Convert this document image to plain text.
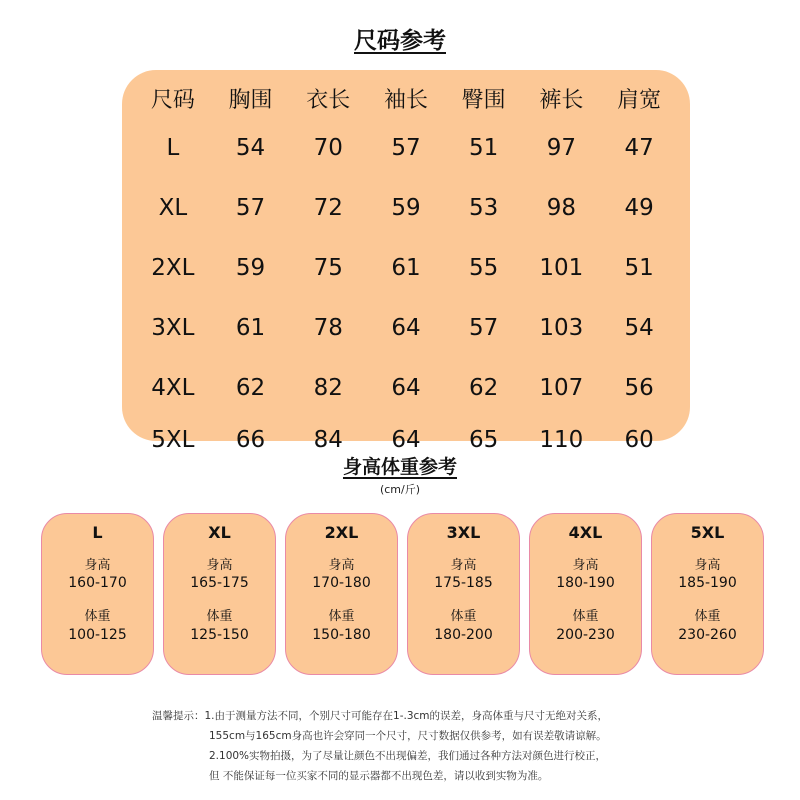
尺码参考
尺码	胸围	衣长	袖长	臀围	裤长	肩宽
L	54	70	57	51	97	47
XL	57	72	59	53	98	49
2XL	59	75	61	55	101	51
3XL	61	78	64	57	103	54
4XL	62	82	64	62	107	56
5XL	66	84	64	65	110	60
身高体重参考
(cm/斤)
L
身高
160-170
体重
100-125
XL
身高
165-175
体重
125-150
2XL
身高
170-180
体重
150-180
3XL
身高
175-185
体重
180-200
4XL
身高
180-190
体重
200-230
5XL
身高
185-190
体重
230-260
温馨提示：1.由于测量方法不同，个别尺寸可能存在1-.3cm的误差，身高体重与尺寸无绝对关系，
155cm与165cm身高也许会穿同一个尺寸，尺寸数据仅供参考，如有误差敬请谅解。
2.100%实物拍摄，为了尽量让颜色不出现偏差，我们通过各种方法对颜色进行校正，
但 不能保证每一位买家不同的显示器都不出现色差，请以收到实物为准。
